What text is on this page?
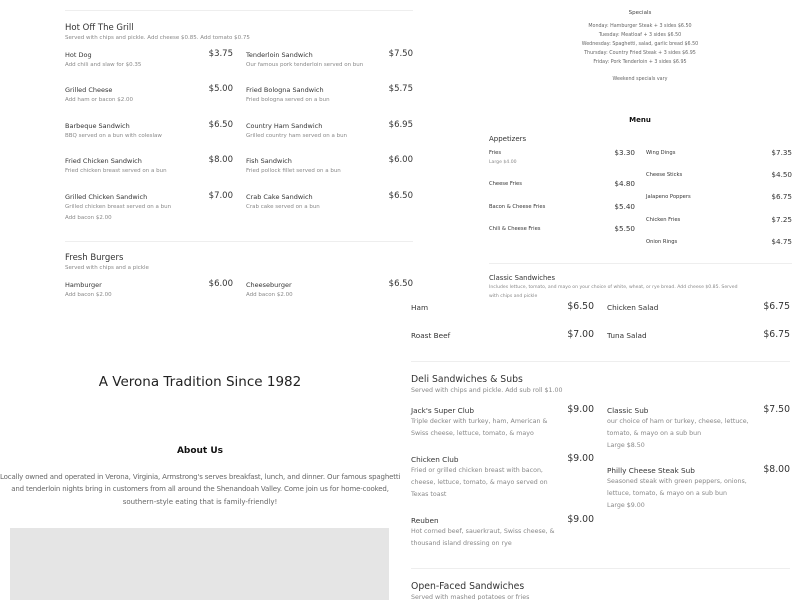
Hot Off The Grill
Served with chips and pickle. Add cheese $0.85. Add tomato $0.75
Hot Dog	$3.75
Add chili and slaw for $0.35
Grilled Cheese	$5.00
Add ham or bacon $2.00
Barbeque Sandwich	$6.50
BBQ served on a bun with coleslaw
Fried Chicken Sandwich	$8.00
Fried chicken breast served on a bun
Grilled Chicken Sandwich	$7.00
Grilled chicken breast served on a bun
Add bacon $2.00
Tenderloin Sandwich	$7.50
Our famous pork tenderloin served on bun
Fried Bologna Sandwich	$5.75
Fried bologna served on a bun
Country Ham Sandwich	$6.95
Grilled country ham served on a bun
Fish Sandwich	$6.00
Fried pollock fillet served on a bun
Crab Cake Sandwich	$6.50
Crab cake served on a bun
Fresh Burgers
Served with chips and a pickle
Hamburger	$6.00
Add bacon $2.00
Cheeseburger	$6.50
Add bacon $2.00
Specials
Monday: Hamburger Steak + 3 sides $6.50
Tuesday: Meatloaf + 3 sides $6.50
Wednesday: Spaghetti, salad, garlic bread $6.50
Thursday: Country Fried Steak + 3 sides $6.95
Friday: Pork Tenderloin + 3 sides $6.95
Weekend specials vary
Menu
Appetizers
Fries	$3.30
Large $4.00
Cheese Fries	$4.80
Bacon & Cheese Fries	$5.40
Chili & Cheese Fries	$5.50
Wing Dings	$7.35
Cheese Sticks	$4.50
Jalapeno Poppers	$6.75
Chicken Fries	$7.25
Onion Rings	$4.75
Classic Sandwiches
Includes lettuce, tomato, and mayo on your choice of white, wheat, or rye bread. Add cheese $0.85. Served
with chips and pickle
Ham	$6.50
Roast Beef	$7.00
Chicken Salad	$6.75
Tuna Salad	$6.75
Deli Sandwiches & Subs
Served with chips and pickle. Add sub roll $1.00
Jack's Super Club	$9.00
Triple decker with turkey, ham, American &
Swiss cheese, lettuce, tomato, & mayo
Chicken Club	$9.00
Fried or grilled chicken breast with bacon,
cheese, lettuce, tomato, & mayo served on
Texas toast
Reuben	$9.00
Hot corned beef, sauerkraut, Swiss cheese, &
thousand island dressing on rye
Classic Sub	$7.50
our choice of ham or turkey, cheese, lettuce,
tomato, & mayo on a sub bun
Large $8.50
Philly Cheese Steak Sub	$8.00
Seasoned steak with green peppers, onions,
lettuce, tomato, & mayo on a sub bun
Large $9.00
Open-Faced Sandwiches
Served with mashed potatoes or fries
A Verona Tradition Since 1982
About Us
Locally owned and operated in Verona, Virginia, Armstrong's serves breakfast, lunch, and dinner. Our famous spaghetti
and tenderloin nights bring in customers from all around the Shenandoah Valley. Come join us for home-cooked,
southern-style eating that is family-friendly!
